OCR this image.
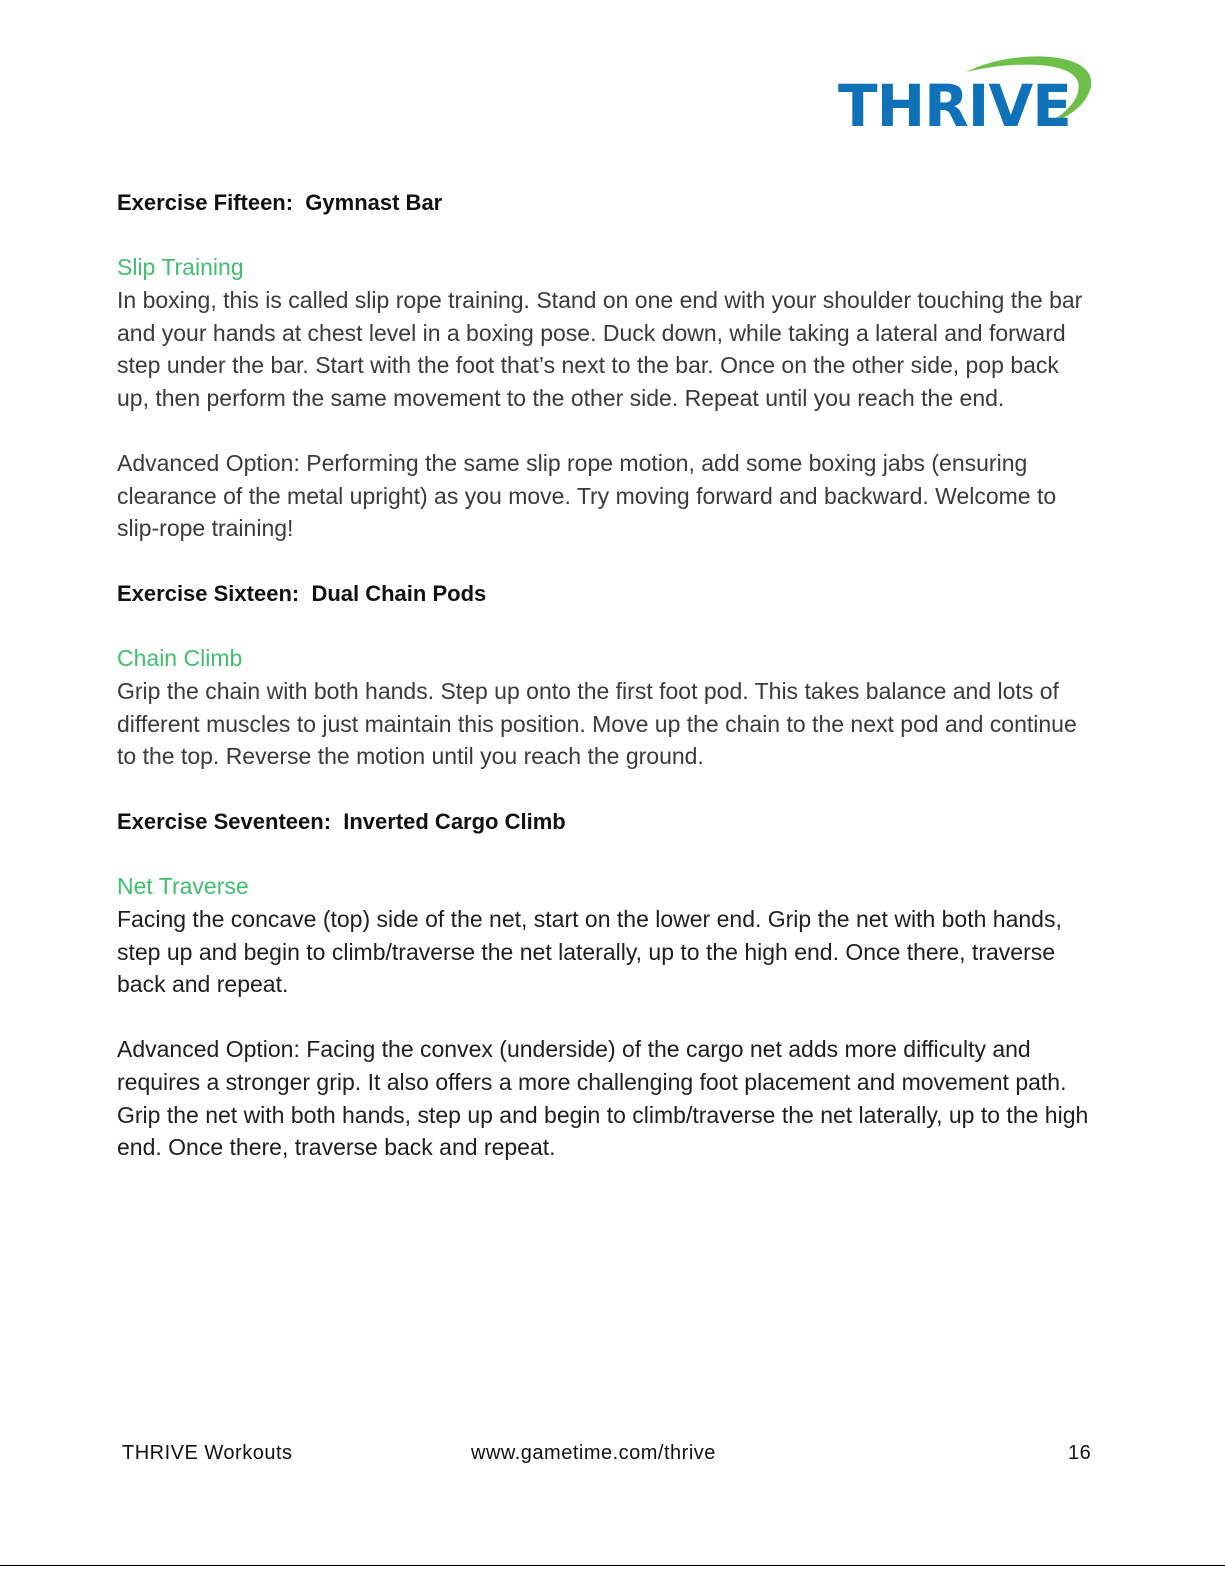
THRIVE
Exercise Fifteen:  Gymnast Bar
Slip Training

In boxing, this is called slip rope training. Stand on one end with your shoulder touching the bar and your hands at chest level in a boxing pose. Duck down, while taking a lateral and forward step under the bar. Start with the foot that’s next to the bar. Once on the other side, pop back up, then perform the same movement to the other side. Repeat until you reach the end.

Advanced Option: Performing the same slip rope motion, add some boxing jabs (ensuring clearance of the metal upright) as you move. Try moving forward and backward. Welcome to slip-rope training!

Exercise Sixteen:  Dual Chain Pods
Chain Climb

Grip the chain with both hands. Step up onto the first foot pod. This takes balance and lots of different muscles to just maintain this position. Move up the chain to the next pod and continue to the top. Reverse the motion until you reach the ground.

Exercise Seventeen:  Inverted Cargo Climb
Net Traverse

Facing the concave (top) side of the net, start on the lower end. Grip the net with both hands, step up and begin to climb/traverse the net laterally, up to the high end. Once there, traverse back and repeat.

Advanced Option: Facing the convex (underside) of the cargo net adds more difficulty and requires a stronger grip. It also offers a more challenging foot placement and movement path. Grip the net with both hands, step up and begin to climb/traverse the net laterally, up to the high end. Once there, traverse back and repeat.

THRIVE Workouts	www.gametime.com/thrive	16
